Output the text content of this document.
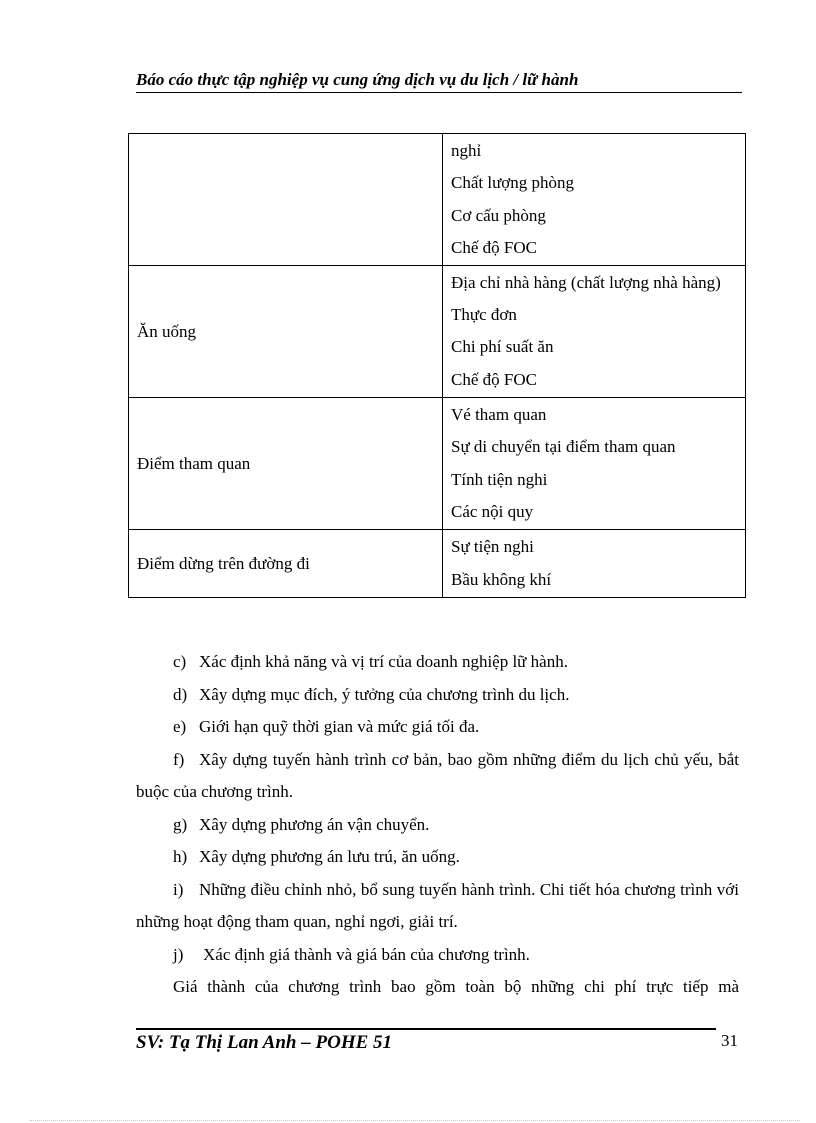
Báo cáo thực tập nghiệp vụ cung ứng dịch vụ du lịch / lữ hành

	nghỉ
Chất lượng phòng
Cơ cấu phòng
Chế độ FOC

Ăn uống	Địa chỉ nhà hàng (chất lượng nhà hàng)
Thực đơn
Chi phí suất ăn
Chế độ FOC

Điểm tham quan	Vé tham quan
Sự di chuyển tại điểm tham quan
Tính tiện nghi
Các nội quy

Điểm dừng trên đường đi	Sự tiện nghi
Bầu không khí
c) Xác định khả năng và vị trí của doanh nghiệp lữ hành.
d) Xây dựng mục đích, ý tưởng của chương trình du lịch.
e) Giới hạn quỹ thời gian và mức giá tối đa.
f) Xây dựng tuyến hành trình cơ bản, bao gồm những điểm du lịch chủ yếu, bắt buộc của chương trình.
g) Xây dựng phương án vận chuyển.
h) Xây dựng phương án lưu trú, ăn uống.
i) Những điều chỉnh nhỏ, bổ sung tuyến hành trình. Chi tiết hóa chương trình với những hoạt động tham quan, nghỉ ngơi, giải trí.
j) Xác định giá thành và giá bán của chương trình.
Giá thành của chương trình bao gồm toàn bộ những chi phí trực tiếp mà
SV: Tạ Thị Lan Anh – POHE 51	31
